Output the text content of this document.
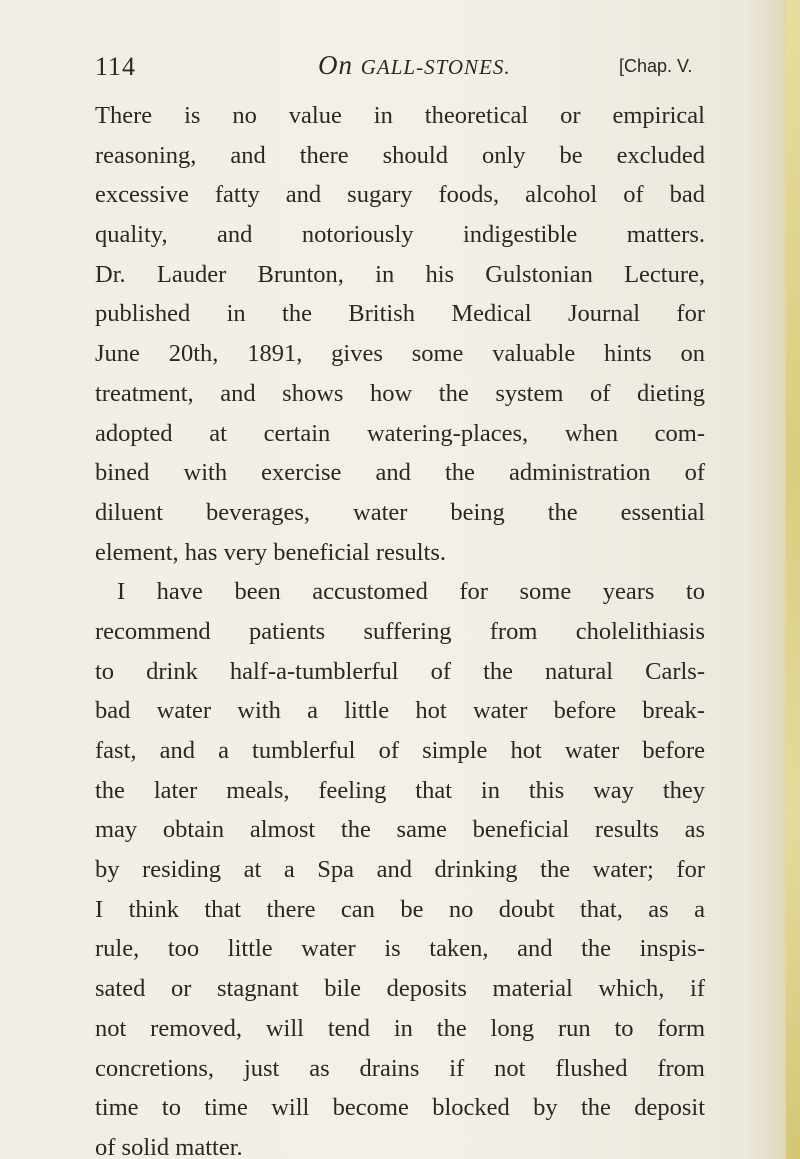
114	On GALL-STONES.	[Chap. V.
There is no value in theoretical or empirical
reasoning, and there should only be excluded
excessive fatty and sugary foods, alcohol of bad
quality, and notoriously indigestible matters.
Dr. Lauder Brunton, in his Gulstonian Lecture,
published in the British Medical Journal for
June 20th, 1891, gives some valuable hints on
treatment, and shows how the system of dieting
adopted at certain watering-places, when com-
bined with exercise and the administration of
diluent beverages, water being the essential
element, has very beneficial results.
I have been accustomed for some years to
recommend patients suffering from cholelithiasis
to drink half-a-tumblerful of the natural Carls-
bad water with a little hot water before break-
fast, and a tumblerful of simple hot water before
the later meals, feeling that in this way they
may obtain almost the same beneficial results as
by residing at a Spa and drinking the water; for
I think that there can be no doubt that, as a
rule, too little water is taken, and the inspis-
sated or stagnant bile deposits material which, if
not removed, will tend in the long run to form
concretions, just as drains if not flushed from
time to time will become blocked by the deposit
of solid matter.
